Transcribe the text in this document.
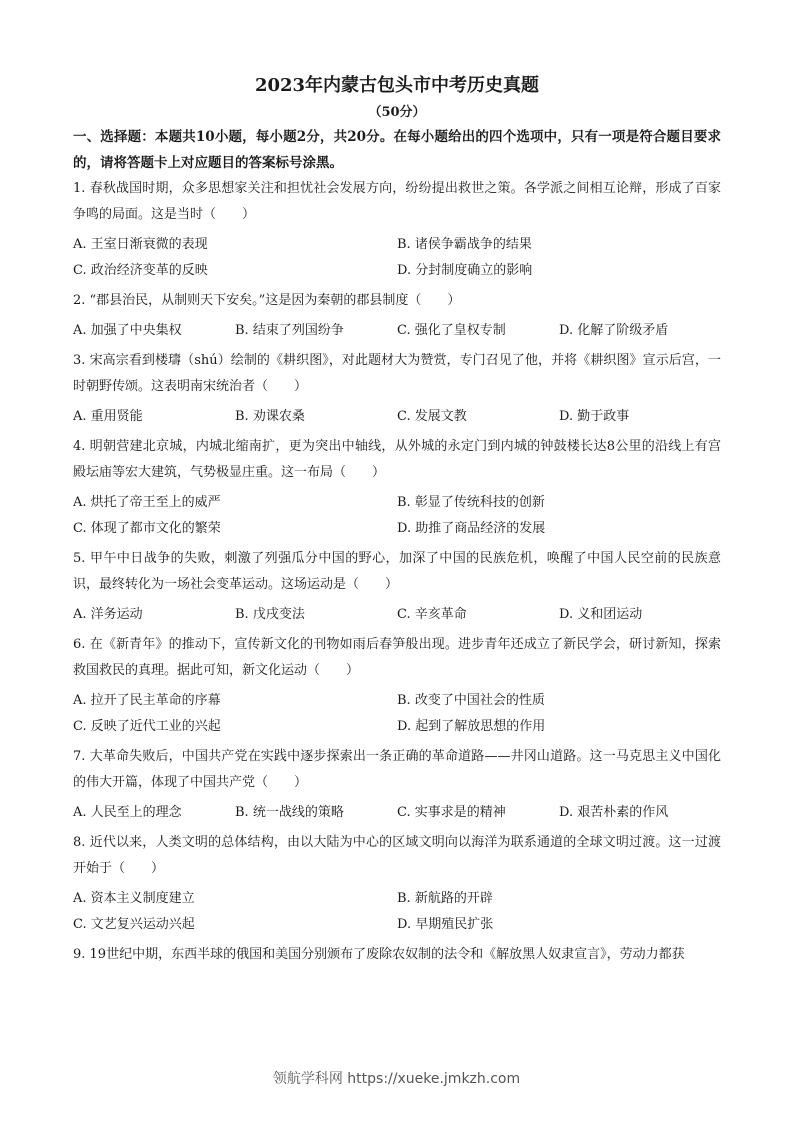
2023年内蒙古包头市中考历史真题

（50分）

一、选择题：本题共10小题，每小题2分，共20分。在每小题给出的四个选项中，只有一项是符合题目要求的，请将答题卡上对应题目的答案标号涂黑。

1. 春秋战国时期，众多思想家关注和担忧社会发展方向，纷纷提出救世之策。各学派之间相互论辩，形成了百家争鸣的局面。这是当时（　　）

A. 王室日渐衰微的表现	B. 诸侯争霸战争的结果
C. 政治经济变革的反映	D. 分封制度确立的影响

2. “郡县治民，从制则天下安矣。”这是因为秦朝的郡县制度（　　）

A. 加强了中央集权	B. 结束了列国纷争	C. 强化了皇权专制	D. 化解了阶级矛盾

3. 宋高宗看到楼璹（shú）绘制的《耕织图》，对此题材大为赞赏，专门召见了他，并将《耕织图》宣示后宫，一时朝野传颂。这表明南宋统治者（　　）

A. 重用贤能	B. 劝课农桑	C. 发展文教	D. 勤于政事

4. 明朝营建北京城，内城北缩南扩，更为突出中轴线，从外城的永定门到内城的钟鼓楼长达8公里的沿线上有宫殿坛庙等宏大建筑，气势极显庄重。这一布局（　　）

A. 烘托了帝王至上的威严	B. 彰显了传统科技的创新
C. 体现了都市文化的繁荣	D. 助推了商品经济的发展

5. 甲午中日战争的失败，刺激了列强瓜分中国的野心，加深了中国的民族危机，唤醒了中国人民空前的民族意识，最终转化为一场社会变革运动。这场运动是（　　）

A. 洋务运动	B. 戊戌变法	C. 辛亥革命	D. 义和团运动

6. 在《新青年》的推动下，宣传新文化的刊物如雨后春笋般出现。进步青年还成立了新民学会，研讨新知，探索救国救民的真理。据此可知，新文化运动（　　）

A. 拉开了民主革命的序幕	B. 改变了中国社会的性质
C. 反映了近代工业的兴起	D. 起到了解放思想的作用

7. 大革命失败后，中国共产党在实践中逐步探索出一条正确的革命道路——井冈山道路。这一马克思主义中国化的伟大开篇，体现了中国共产党（　　）

A. 人民至上的理念	B. 统一战线的策略	C. 实事求是的精神	D. 艰苦朴素的作风

8. 近代以来，人类文明的总体结构，由以大陆为中心的区域文明向以海洋为联系通道的全球文明过渡。这一过渡开始于（　　）

A. 资本主义制度建立	B. 新航路的开辟
C. 文艺复兴运动兴起	D. 早期殖民扩张

9. 19世纪中期，东西半球的俄国和美国分别颁布了废除农奴制的法令和《解放黑人奴隶宣言》，劳动力都获

领航学科网 https://xueke.jmkzh.com
